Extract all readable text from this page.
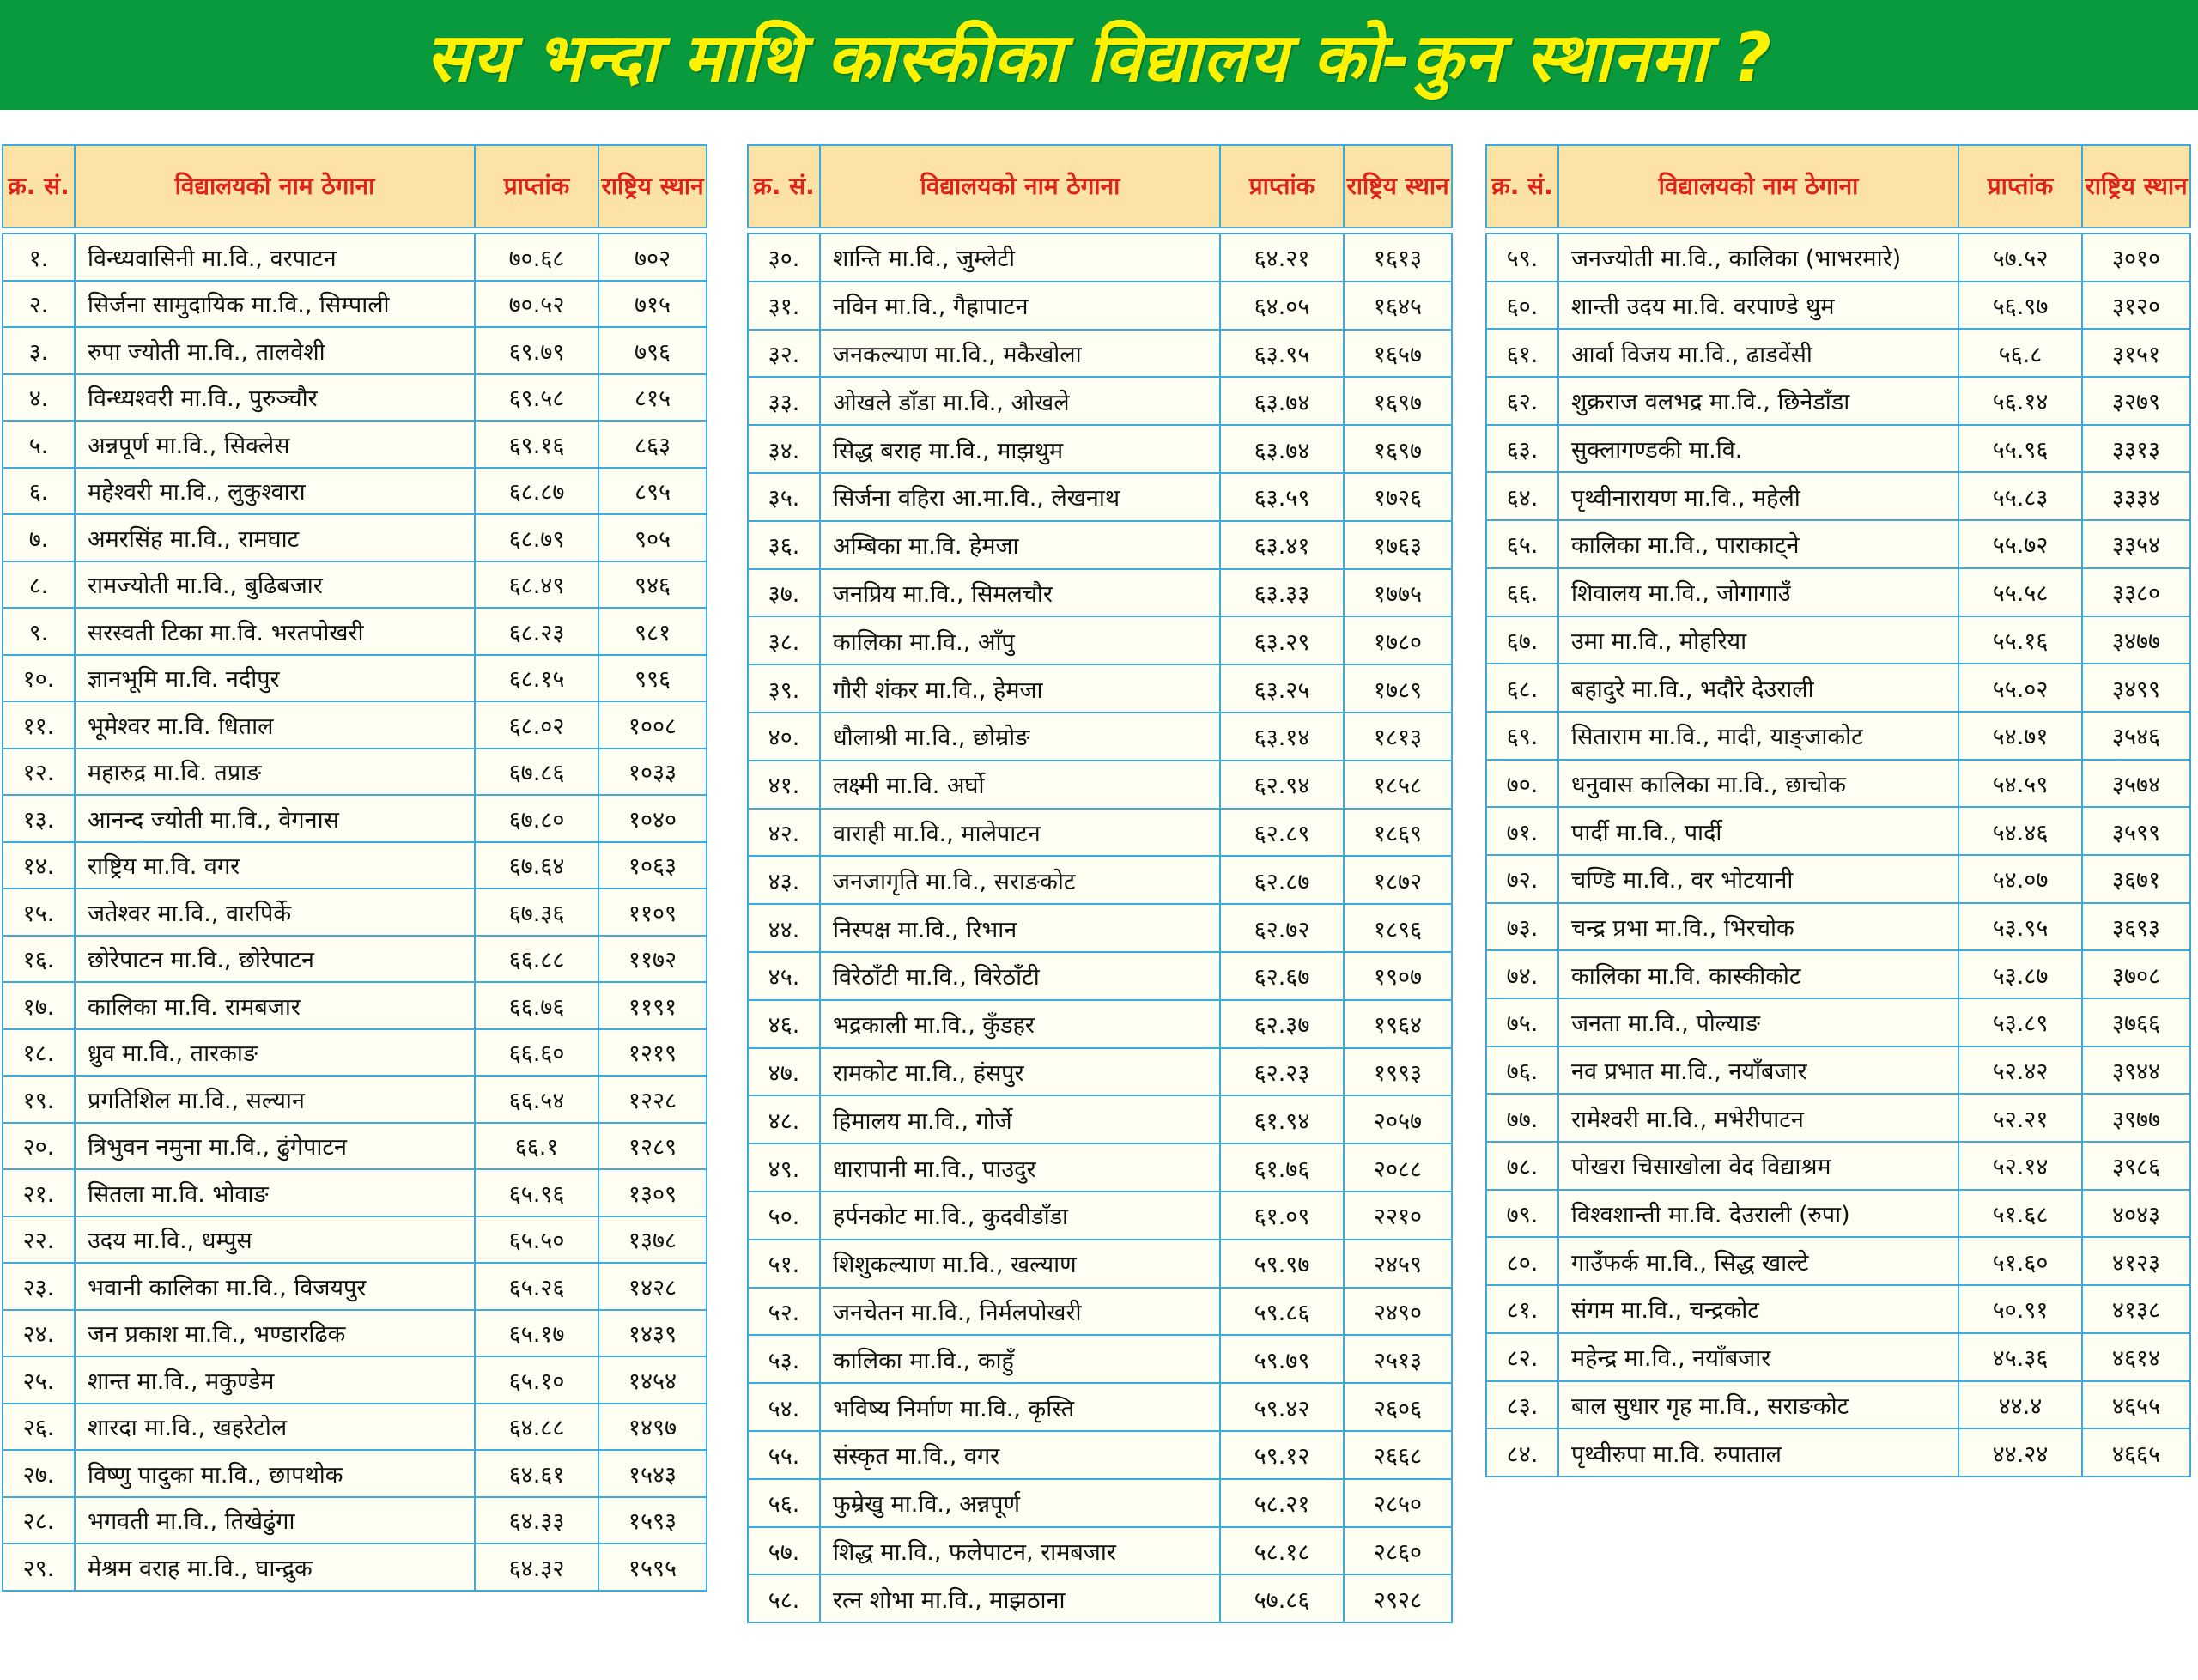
सय भन्दा माथि कास्कीका विद्यालय को-कुन स्थानमा ?
क्र. सं.	विद्यालयको नाम ठेगाना	प्राप्तांक	राष्ट्रिय स्थान

१.	विन्ध्यवासिनी मा.वि., वरपाटन	७०.६८	७०२
२.	सिर्जना सामुदायिक मा.वि., सिम्पाली	७०.५२	७१५
३.	रुपा ज्योती मा.वि., तालवेशी	६९.७९	७९६
४.	विन्ध्यश्वरी मा.वि., पुरुञ्चौर	६९.५८	८१५
५.	अन्नपूर्ण मा.वि., सिक्लेस	६९.१६	८६३
६.	महेश्वरी मा.वि., लुकुश्वारा	६८.८७	८९५
७.	अमरसिंह मा.वि., रामघाट	६८.७९	९०५
८.	रामज्योती मा.वि., बुढिबजार	६८.४९	९४६
९.	सरस्वती टिका मा.वि. भरतपोखरी	६८.२३	९८१
१०.	ज्ञानभूमि मा.वि. नदीपुर	६८.१५	९९६
११.	भूमेश्वर मा.वि. धिताल	६८.०२	१००८
१२.	महारुद्र मा.वि. तप्राङ	६७.८६	१०३३
१३.	आनन्द ज्योती मा.वि., वेगनास	६७.८०	१०४०
१४.	राष्ट्रिय मा.वि. वगर	६७.६४	१०६३
१५.	जतेश्वर मा.वि., वारपिर्के	६७.३६	११०९
१६.	छोरेपाटन मा.वि., छोरेपाटन	६६.८८	११७२
१७.	कालिका मा.वि. रामबजार	६६.७६	११९१
१८.	ध्रुव मा.वि., तारकाङ	६६.६०	१२१९
१९.	प्रगतिशिल मा.वि., सल्यान	६६.५४	१२२८
२०.	त्रिभुवन नमुना मा.वि., ढुंगेपाटन	६६.१	१२८९
२१.	सितला मा.वि. भोवाङ	६५.९६	१३०९
२२.	उदय मा.वि., धम्पुस	६५.५०	१३७८
२३.	भवानी कालिका मा.वि., विजयपुर	६५.२६	१४२८
२४.	जन प्रकाश मा.वि., भण्डारढिक	६५.१७	१४३९
२५.	शान्त मा.वि., मकुण्डेम	६५.१०	१४५४
२६.	शारदा मा.वि., खहरेटोल	६४.८८	१४९७
२७.	विष्णु पादुका मा.वि., छापथोक	६४.६१	१५४३
२८.	भगवती मा.वि., तिखेढुंगा	६४.३३	१५९३
२९.	मेश्रम वराह मा.वि., घान्द्रुक	६४.३२	१५९५
क्र. सं.	विद्यालयको नाम ठेगाना	प्राप्तांक	राष्ट्रिय स्थान

३०.	शान्ति मा.वि., जुम्लेटी	६४.२१	१६१३
३१.	नविन मा.वि., गैह्रापाटन	६४.०५	१६४५
३२.	जनकल्याण मा.वि., मकैखोला	६३.९५	१६५७
३३.	ओखले डाँडा मा.वि., ओखले	६३.७४	१६९७
३४.	सिद्ध बराह मा.वि., माझथुम	६३.७४	१६९७
३५.	सिर्जना वहिरा आ.मा.वि., लेखनाथ	६३.५९	१७२६
३६.	अम्बिका मा.वि. हेमजा	६३.४१	१७६३
३७.	जनप्रिय मा.वि., सिमलचौर	६३.३३	१७७५
३८.	कालिका मा.वि., आँपु	६३.२९	१७८०
३९.	गौरी शंकर मा.वि., हेमजा	६३.२५	१७८९
४०.	धौलाश्री मा.वि., छोम्रोङ	६३.१४	१८१३
४१.	लक्ष्मी मा.वि. अर्घो	६२.९४	१८५८
४२.	वाराही मा.वि., मालेपाटन	६२.८९	१८६९
४३.	जनजागृति मा.वि., सराङकोट	६२.८७	१८७२
४४.	निस्पक्ष मा.वि., रिभान	६२.७२	१८९६
४५.	विरेठाँटी मा.वि., विरेठाँटी	६२.६७	१९०७
४६.	भद्रकाली मा.वि., कुँडहर	६२.३७	१९६४
४७.	रामकोट मा.वि., हंसपुर	६२.२३	१९९३
४८.	हिमालय मा.वि., गोर्जे	६१.९४	२०५७
४९.	धारापानी मा.वि., पाउदुर	६१.७६	२०८८
५०.	हर्पनकोट मा.वि., कुदवीडाँडा	६१.०९	२२१०
५१.	शिशुकल्याण मा.वि., खल्याण	५९.९७	२४५९
५२.	जनचेतन मा.वि., निर्मलपोखरी	५९.८६	२४९०
५३.	कालिका मा.वि., काहुँ	५९.७९	२५१३
५४.	भविष्य निर्माण मा.वि., कृस्ति	५९.४२	२६०६
५५.	संस्कृत मा.वि., वगर	५९.१२	२६६८
५६.	फुम्रेखु मा.वि., अन्नपूर्ण	५८.२१	२८५०
५७.	शिद्ध मा.वि., फलेपाटन, रामबजार	५८.१८	२८६०
५८.	रत्न शोभा मा.वि., माझठाना	५७.८६	२९२८
क्र. सं.	विद्यालयको नाम ठेगाना	प्राप्तांक	राष्ट्रिय स्थान

५९.	जनज्योती मा.वि., कालिका (भाभरमारे)	५७.५२	३०१०
६०.	शान्ती उदय मा.वि. वरपाण्डे थुम	५६.९७	३१२०
६१.	आर्वा विजय मा.वि., ढाडवेंसी	५६.८	३१५१
६२.	शुक्रराज वलभद्र मा.वि., छिनेडाँडा	५६.१४	३२७९
६३.	सुक्लागण्डकी मा.वि.	५५.९६	३३१३
६४.	पृथ्वीनारायण मा.वि., महेली	५५.८३	३३३४
६५.	कालिका मा.वि., पाराकाट्ने	५५.७२	३३५४
६६.	शिवालय मा.वि., जोगागाउँ	५५.५८	३३८०
६७.	उमा मा.वि., मोहरिया	५५.१६	३४७७
६८.	बहादुरे मा.वि., भदौरे देउराली	५५.०२	३४९९
६९.	सिताराम मा.वि., मादी, याङ्जाकोट	५४.७१	३५४६
७०.	धनुवास कालिका मा.वि., छाचोक	५४.५९	३५७४
७१.	पार्दी मा.वि., पार्दी	५४.४६	३५९९
७२.	चण्डि मा.वि., वर भोटयानी	५४.०७	३६७१
७३.	चन्द्र प्रभा मा.वि., भिरचोक	५३.९५	३६९३
७४.	कालिका मा.वि. कास्कीकोट	५३.८७	३७०८
७५.	जनता मा.वि., पोल्याङ	५३.८९	३७६६
७६.	नव प्रभात मा.वि., नयाँबजार	५२.४२	३९४४
७७.	रामेश्वरी मा.वि., मभेरीपाटन	५२.२१	३९७७
७८.	पोखरा चिसाखोला वेद विद्याश्रम	५२.१४	३९८६
७९.	विश्वशान्ती मा.वि. देउराली (रुपा)	५१.६८	४०४३
८०.	गाउँफर्क मा.वि., सिद्ध खाल्टे	५१.६०	४१२३
८१.	संगम मा.वि., चन्द्रकोट	५०.९१	४१३८
८२.	महेन्द्र मा.वि., नयाँबजार	४५.३६	४६१४
८३.	बाल सुधार गृह मा.वि., सराङकोट	४४.४	४६५५
८४.	पृथ्वीरुपा मा.वि. रुपाताल	४४.२४	४६६५
